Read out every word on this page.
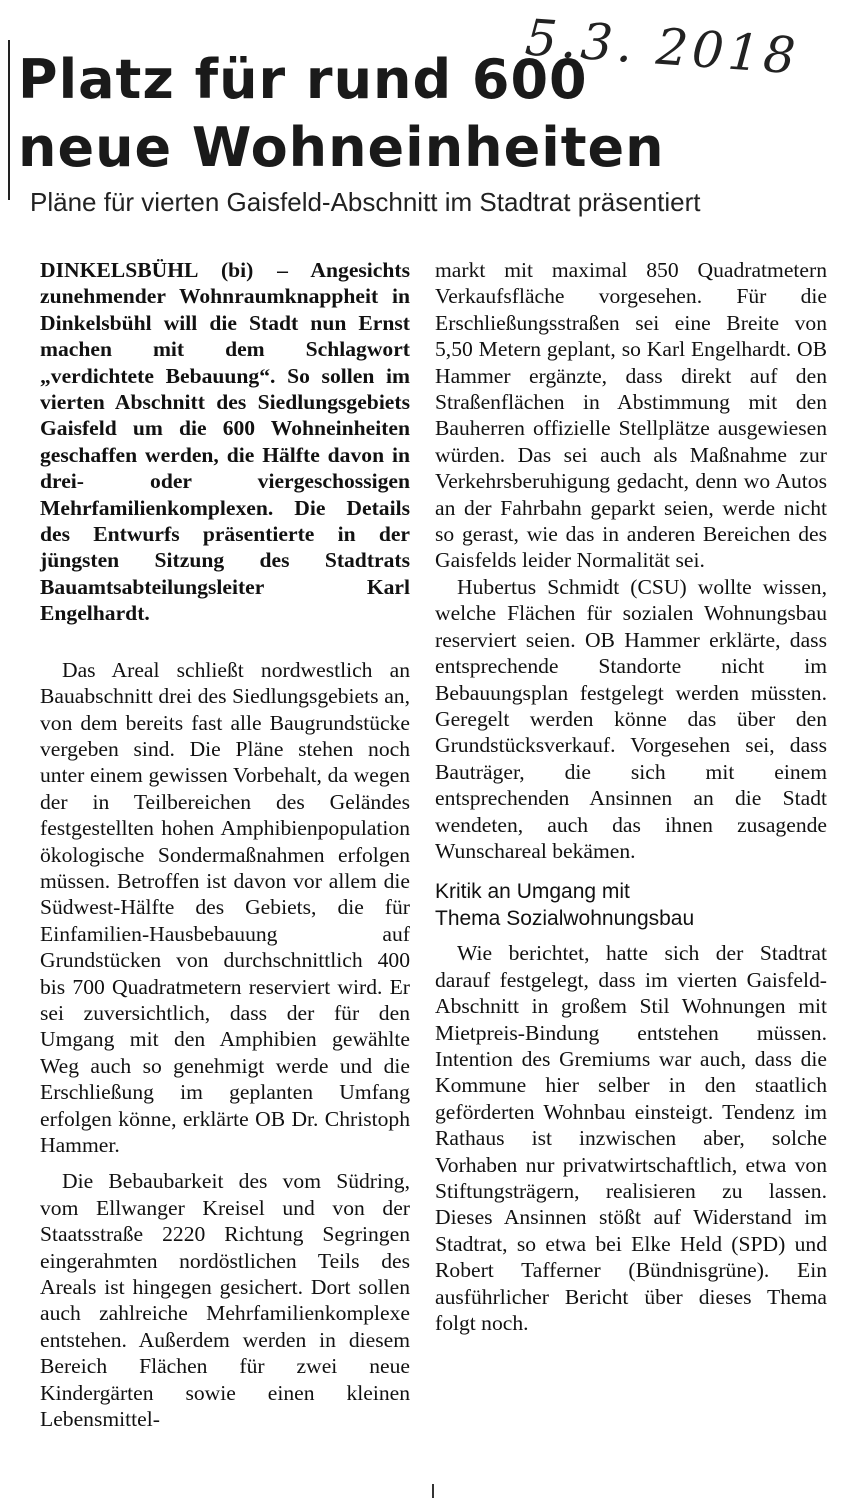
5.3. 2018
Platz für rund 600
neue Wohneinheiten
Pläne für vierten Gaisfeld-Abschnitt im Stadtrat präsentiert

DINKELSBÜHL (bi) – Angesichts zunehmender Wohnraumknappheit in Dinkelsbühl will die Stadt nun Ernst machen mit dem Schlagwort „verdichtete Bebauung“. So sollen im vierten Abschnitt des Siedlungsgebiets Gaisfeld um die 600 Wohneinheiten geschaffen werden, die Hälfte davon in drei- oder viergeschossigen Mehrfamilienkomplexen. Die Details des Entwurfs präsentierte in der jüngsten Sitzung des Stadtrats Bauamtsabteilungsleiter Karl Engelhardt.

Das Areal schließt nordwestlich an Bauabschnitt drei des Siedlungsgebiets an, von dem bereits fast alle Baugrundstücke vergeben sind. Die Pläne stehen noch unter einem gewissen Vorbehalt, da wegen der in Teilbereichen des Geländes festgestellten hohen Amphibienpopulation ökologische Sondermaßnahmen erfolgen müssen. Betroffen ist davon vor allem die Südwest-Hälfte des Gebiets, die für Einfamilien-Hausbebauung auf Grundstücken von durchschnittlich 400 bis 700 Quadratmetern reserviert wird. Er sei zuversichtlich, dass der für den Umgang mit den Amphibien gewählte Weg auch so genehmigt werde und die Erschließung im geplanten Umfang erfolgen könne, erklärte OB Dr. Christoph Hammer.

Die Bebaubarkeit des vom Südring, vom Ellwanger Kreisel und von der Staatsstraße 2220 Richtung Segringen eingerahmten nordöstlichen Teils des Areals ist hingegen gesichert. Dort sollen auch zahlreiche Mehrfamilienkomplexe entstehen. Außerdem werden in diesem Bereich Flächen für zwei neue Kindergärten sowie einen kleinen Lebensmittel-

markt mit maximal 850 Quadratmetern Verkaufsfläche vorgesehen. Für die Erschließungsstraßen sei eine Breite von 5,50 Metern geplant, so Karl Engelhardt. OB Hammer ergänzte, dass direkt auf den Straßenflächen in Abstimmung mit den Bauherren offizielle Stellplätze ausgewiesen würden. Das sei auch als Maßnahme zur Verkehrsberuhigung gedacht, denn wo Autos an der Fahrbahn geparkt seien, werde nicht so gerast, wie das in anderen Bereichen des Gaisfelds leider Normalität sei.

Hubertus Schmidt (CSU) wollte wissen, welche Flächen für sozialen Wohnungsbau reserviert seien. OB Hammer erklärte, dass entsprechende Standorte nicht im Bebauungsplan festgelegt werden müssten. Geregelt werden könne das über den Grundstücksverkauf. Vorgesehen sei, dass Bauträger, die sich mit einem entsprechenden Ansinnen an die Stadt wendeten, auch das ihnen zusagende Wunschareal bekämen.

Kritik an Umgang mit
Thema Sozialwohnungsbau

Wie berichtet, hatte sich der Stadtrat darauf festgelegt, dass im vierten Gaisfeld-Abschnitt in großem Stil Wohnungen mit Mietpreis-Bindung entstehen müssen. Intention des Gremiums war auch, dass die Kommune hier selber in den staatlich geförderten Wohnbau einsteigt. Tendenz im Rathaus ist inzwischen aber, solche Vorhaben nur privatwirtschaftlich, etwa von Stiftungsträgern, realisieren zu lassen. Dieses Ansinnen stößt auf Widerstand im Stadtrat, so etwa bei Elke Held (SPD) und Robert Tafferner (Bündnisgrüne). Ein ausführlicher Bericht über dieses Thema folgt noch.
